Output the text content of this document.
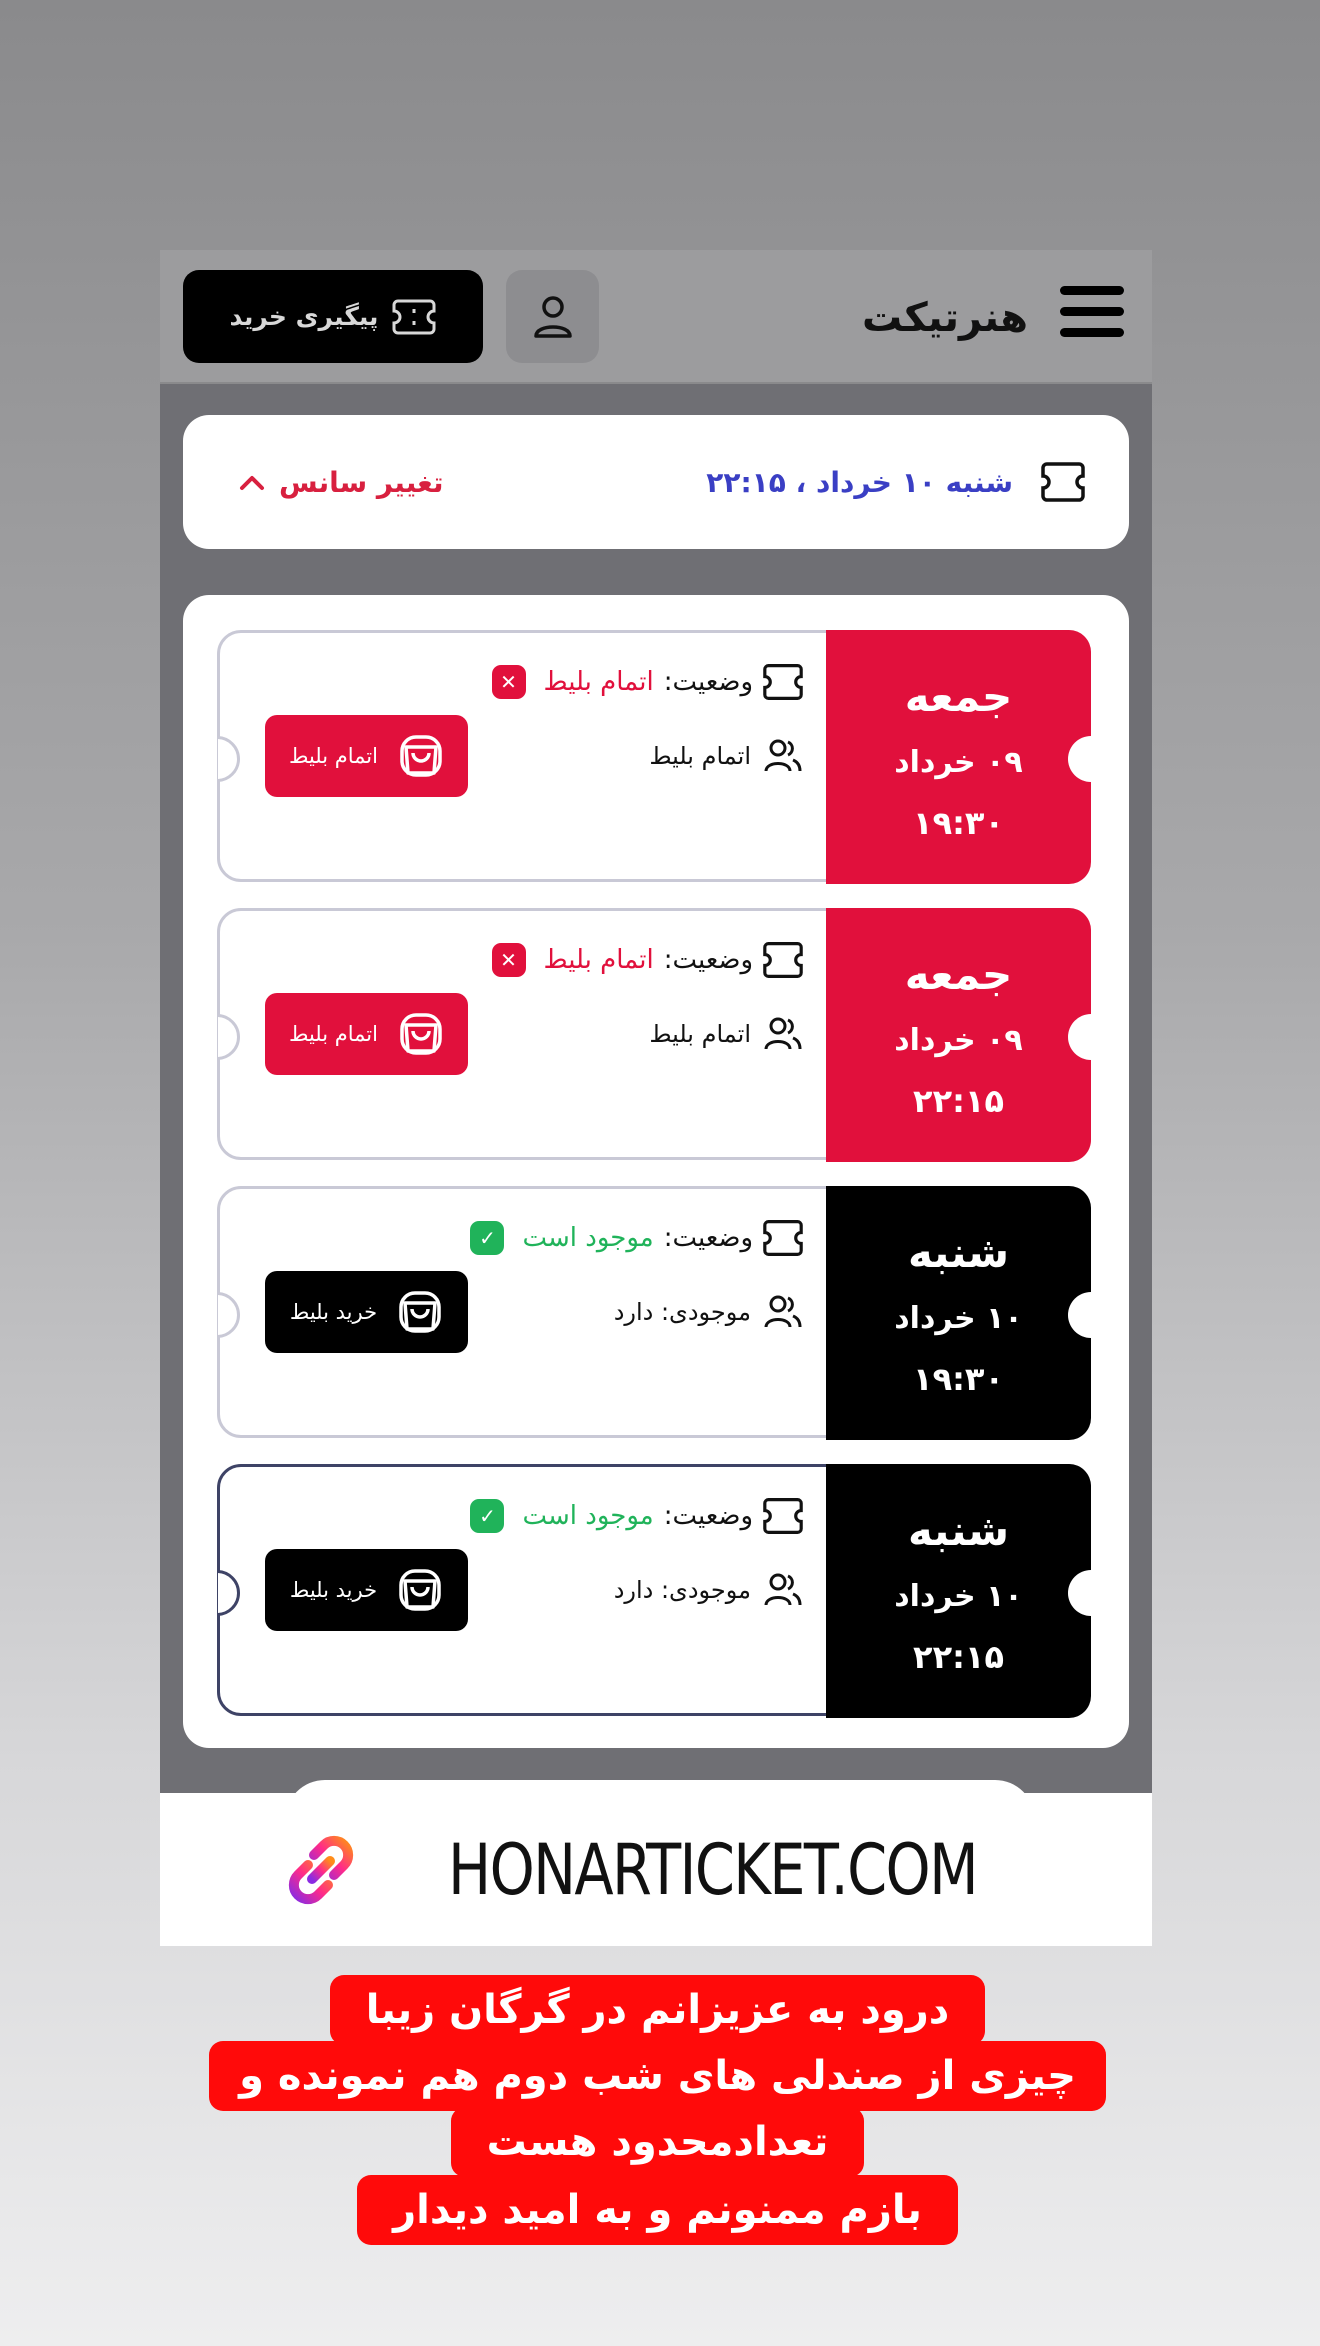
پیگیری خرید	هنرتیکت
شنبه ۱۰ خرداد ، ۲۲:۱۵
تغییر سانس
جمعه
۰۹ خرداد
۱۹:۳۰
وضعیت:
اتمام بلیط
✕
اتمام بلیط
اتمام بلیط
جمعه
۰۹ خرداد
۲۲:۱۵
وضعیت:
اتمام بلیط
✕
اتمام بلیط
اتمام بلیط
شنبه
۱۰ خرداد
۱۹:۳۰
وضعیت:
موجود است
✓
موجودی: دارد
خرید بلیط
شنبه
۱۰ خرداد
۲۲:۱۵
وضعیت:
موجود است
✓
موجودی: دارد
خرید بلیط
HONARTICKET.COM
درود به عزیزانم در گرگان زیبا
چیزی از صندلی های شب دوم هم نمونده و
تعدادمحدود هست
بازم ممنونم و به امید دیدار
